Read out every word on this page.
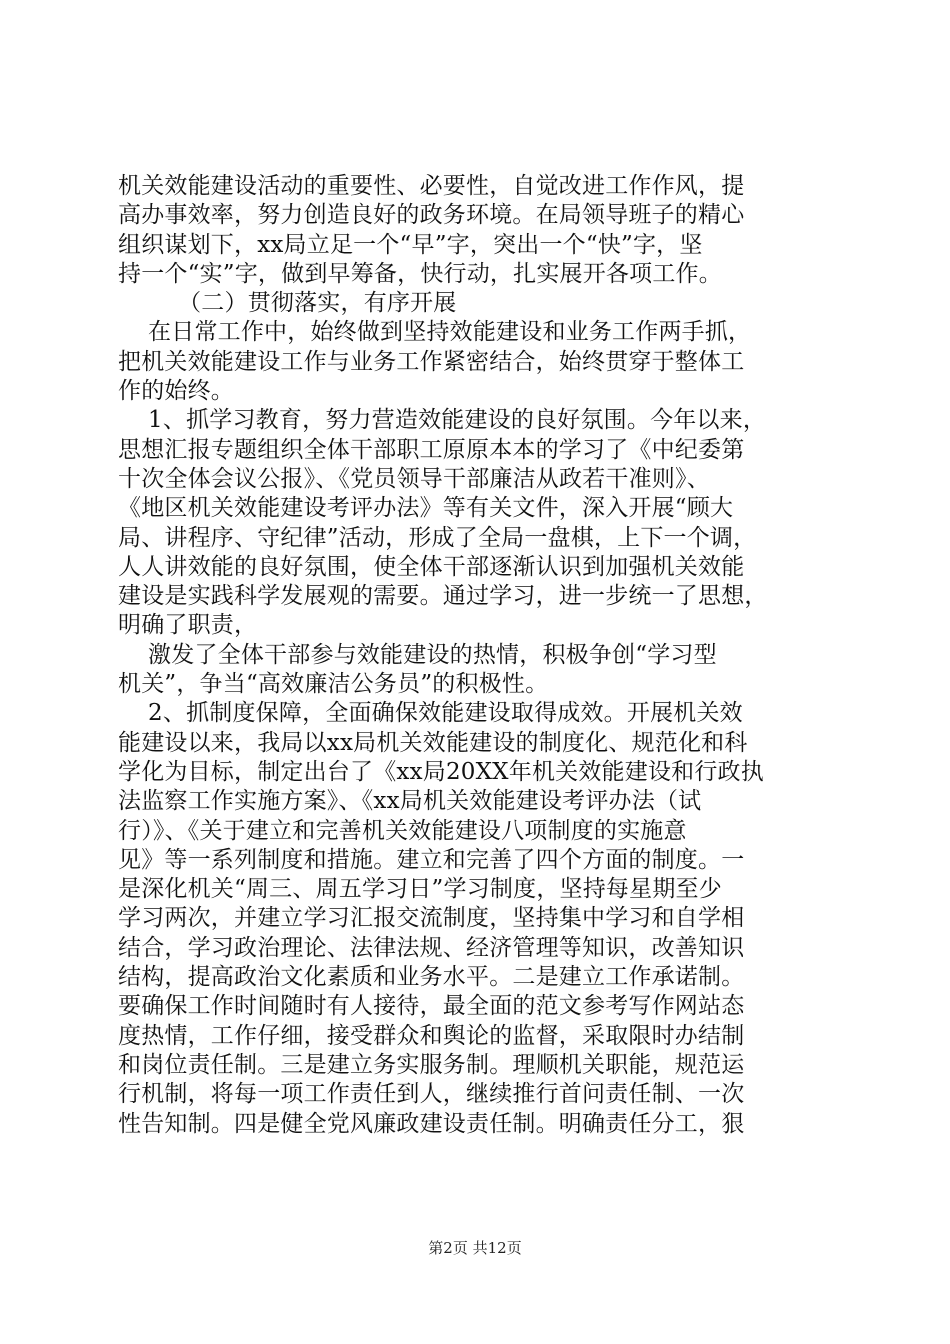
机关效能建设活动的重要性、必要性，自觉改进工作作风，提
高办事效率，努力创造良好的政务环境。在局领导班子的精心
组织谋划下，xx局立足一个“早”字，突出一个“快”字，坚
持一个“实”字，做到早筹备，快行动，扎实展开各项工作。
（二）贯彻落实，有序开展
在日常工作中，始终做到坚持效能建设和业务工作两手抓，
把机关效能建设工作与业务工作紧密结合，始终贯穿于整体工
作的始终。
1、抓学习教育，努力营造效能建设的良好氛围。今年以来，
思想汇报专题组织全体干部职工原原本本的学习了《中纪委第
十次全体会议公报》、《党员领导干部廉洁从政若干准则》、
《地区机关效能建设考评办法》等有关文件，深入开展“顾大
局、讲程序、守纪律”活动，形成了全局一盘棋，上下一个调，
人人讲效能的良好氛围，使全体干部逐渐认识到加强机关效能
建设是实践科学发展观的需要。通过学习，进一步统一了思想，
明确了职责，
激发了全体干部参与效能建设的热情，积极争创“学习型
机关”，争当“高效廉洁公务员”的积极性。
2、抓制度保障，全面确保效能建设取得成效。开展机关效
能建设以来，我局以xx局机关效能建设的制度化、规范化和科
学化为目标，制定出台了《xx局20XX年机关效能建设和行政执
法监察工作实施方案》、《xx局机关效能建设考评办法（试
行）》、《关于建立和完善机关效能建设八项制度的实施意
见》等一系列制度和措施。建立和完善了四个方面的制度。一
是深化机关“周三、周五学习日”学习制度，坚持每星期至少
学习两次，并建立学习汇报交流制度，坚持集中学习和自学相
结合，学习政治理论、法律法规、经济管理等知识，改善知识
结构，提高政治文化素质和业务水平。二是建立工作承诺制。
要确保工作时间随时有人接待，最全面的范文参考写作网站态
度热情，工作仔细，接受群众和舆论的监督，采取限时办结制
和岗位责任制。三是建立务实服务制。理顺机关职能，规范运
行机制，将每一项工作责任到人，继续推行首问责任制、一次
性告知制。四是健全党风廉政建设责任制。明确责任分工，狠
第2页 共12页
